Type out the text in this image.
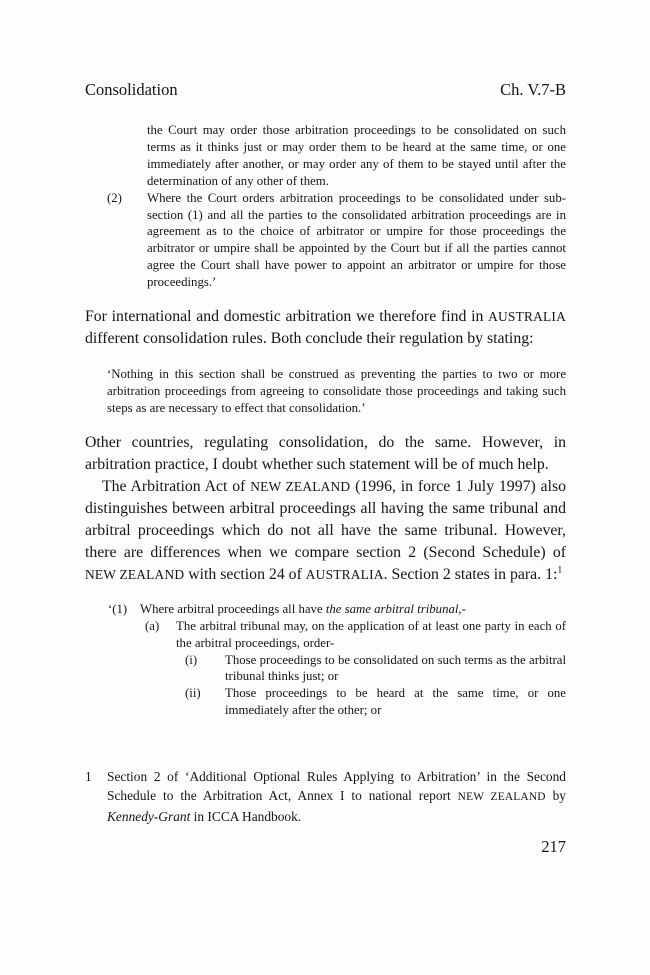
Consolidation	Ch. V.7-B

the Court may order those arbitration proceedings to be consolidated on such terms as it thinks just or may order them to be heard at the same time, or one immediately after another, or may order any of them to be stayed until after the determination of any other of them.

(2)	Where the Court orders arbitration proceedings to be consolidated under sub-section (1) and all the parties to the consolidated arbitration proceedings are in agreement as to the choice of arbitrator or umpire for those proceedings the arbitrator or umpire shall be appointed by the Court but if all the parties cannot agree the Court shall have power to appoint an arbitrator or umpire for those proceedings.’

For international and domestic arbitration we therefore find in AUSTRALIA different consolidation rules. Both conclude their regulation by stating:

‘Nothing in this section shall be construed as preventing the parties to two or more arbitration proceedings from agreeing to consolidate those proceedings and taking such steps as are necessary to effect that consolidation.’

Other countries, regulating consolidation, do the same. However, in arbitration practice, I doubt whether such statement will be of much help.

The Arbitration Act of NEW ZEALAND (1996, in force 1 July 1997) also distinguishes between arbitral proceedings all having the same tribunal and arbitral proceedings which do not all have the same tribunal. However, there are differences when we compare section 2 (Second Schedule) of NEW ZEALAND with section 24 of AUSTRALIA. Section 2 states in para. 1:$^1$

‘(1)	Where arbitral proceedings all have the same arbitral tribunal,-

(a)	The arbitral tribunal may, on the application of at least one party in each of the arbitral proceedings, order-

(i)	Those proceedings to be consolidated on such terms as the arbitral tribunal thinks just; or

(ii)	Those proceedings to be heard at the same time, or one immediately after the other; or

1	Section 2 of ‘Additional Optional Rules Applying to Arbitration’ in the Second Schedule to the Arbitration Act, Annex I to national report NEW ZEALAND by Kennedy-Grant in ICCA Handbook.

217
